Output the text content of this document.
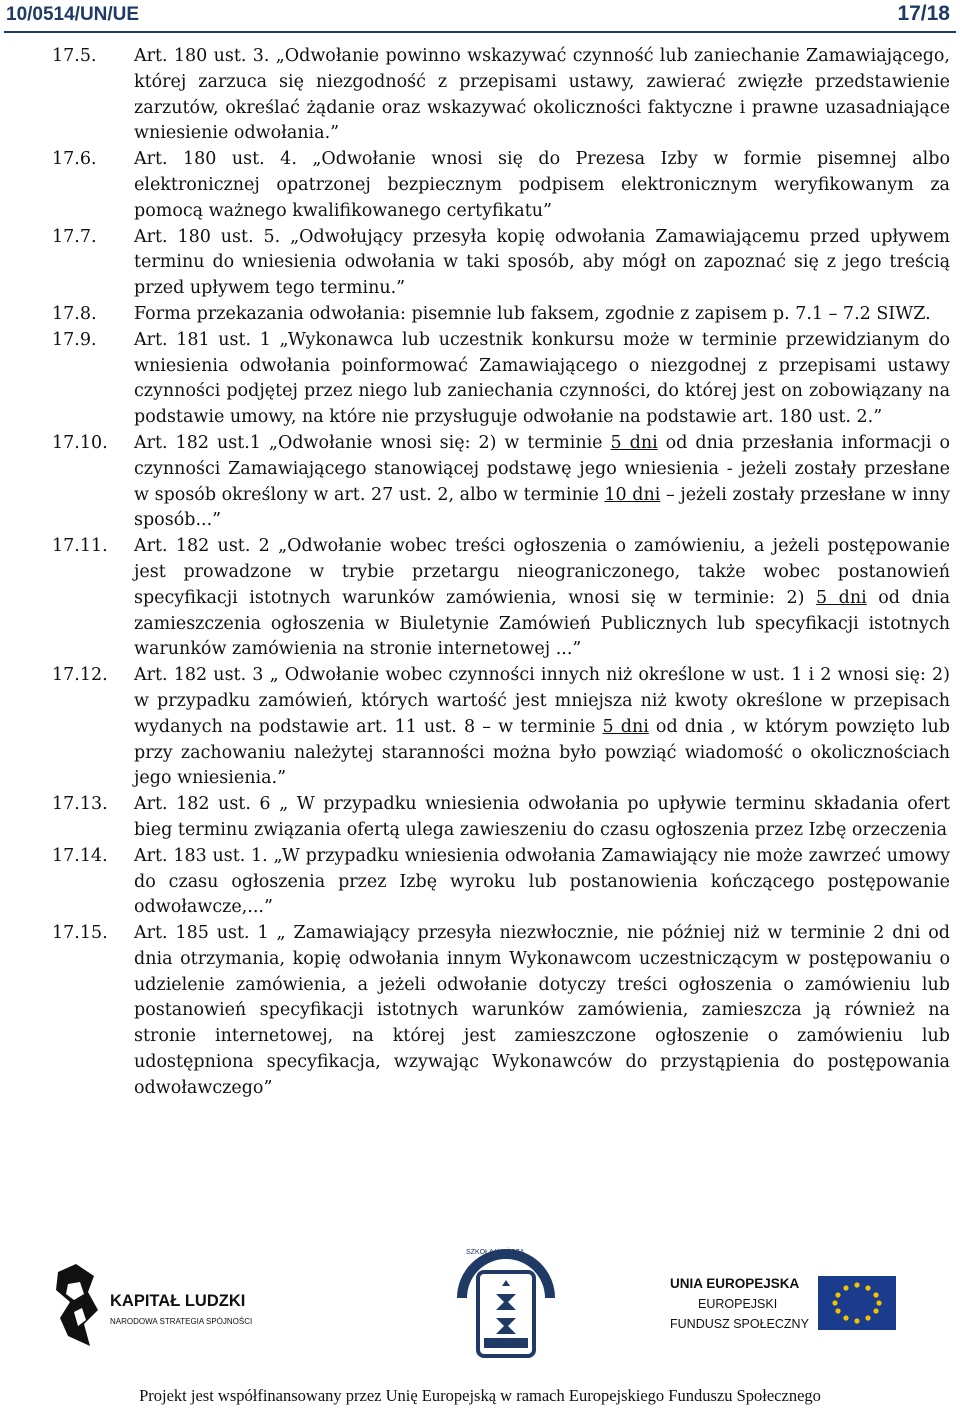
10/0514/UN/UE	17/18
17.5.	Art. 180 ust. 3. „Odwołanie powinno wskazywać czynność lub zaniechanie Zamawiającego, której zarzuca się niezgodność z przepisami ustawy, zawierać zwięzłe przedstawienie zarzutów, określać żądanie oraz wskazywać okoliczności faktyczne i prawne uzasadniające wniesienie odwołania.”
17.6.	Art. 180 ust. 4. „Odwołanie wnosi się do Prezesa Izby w formie pisemnej albo elektronicznej opatrzonej bezpiecznym podpisem elektronicznym weryfikowanym za pomocą ważnego kwalifikowanego certyfikatu”
17.7.	Art. 180 ust. 5. „Odwołujący przesyła kopię odwołania Zamawiającemu przed upływem terminu do wniesienia odwołania w taki sposób, aby mógł on zapoznać się z jego treścią przed upływem tego terminu.”
17.8.	Forma przekazania odwołania: pisemnie lub faksem, zgodnie z zapisem p. 7.1 – 7.2 SIWZ.
17.9.	Art. 181 ust. 1 „Wykonawca lub uczestnik konkursu może w terminie przewidzianym do wniesienia odwołania poinformować Zamawiającego o niezgodnej z przepisami ustawy czynności podjętej przez niego lub zaniechania czynności, do której jest on zobowiązany na podstawie umowy, na które nie przysługuje odwołanie na podstawie art. 180 ust. 2.”
17.10.	Art. 182 ust.1 „Odwołanie wnosi się: 2) w terminie 5 dni od dnia przesłania informacji o czynności Zamawiającego stanowiącej podstawę jego wniesienia - jeżeli zostały przesłane w sposób określony w art. 27 ust. 2, albo w terminie 10 dni – jeżeli zostały przesłane w inny sposób...”
17.11.	Art. 182 ust. 2 „Odwołanie wobec treści ogłoszenia o zamówieniu, a jeżeli postępowanie jest prowadzone w trybie przetargu nieograniczonego, także wobec postanowień specyfikacji istotnych warunków zamówienia, wnosi się w terminie: 2) 5 dni od dnia zamieszczenia ogłoszenia w Biuletynie Zamówień Publicznych lub specyfikacji istotnych warunków zamówienia na stronie internetowej ...”
17.12.	Art. 182 ust. 3 „ Odwołanie wobec czynności innych niż określone w ust. 1 i 2 wnosi się: 2) w przypadku zamówień, których wartość jest mniejsza niż kwoty określone w przepisach wydanych na podstawie art. 11 ust. 8 – w terminie 5 dni od dnia , w którym powzięto lub przy zachowaniu należytej staranności można było powziąć wiadomość o okolicznościach jego wniesienia.”
17.13.	Art. 182 ust. 6 „ W przypadku wniesienia odwołania po upływie terminu składania ofert bieg terminu związania ofertą ulega zawieszeniu do czasu ogłoszenia przez Izbę orzeczenia
17.14.	Art. 183 ust. 1. „W przypadku wniesienia odwołania Zamawiający nie może zawrzeć umowy do czasu ogłoszenia przez Izbę wyroku lub postanowienia kończącego postępowanie odwoławcze,...”
17.15.	Art. 185 ust. 1 „ Zamawiający przesyła niezwłocznie, nie później niż w terminie 2 dni od dnia otrzymania, kopię odwołania innym Wykonawcom uczestniczącym w postępowaniu o udzielenie zamówienia, a jeżeli odwołanie dotyczy treści ogłoszenia o zamówieniu lub postanowień specyfikacji istotnych warunków zamówienia, zamieszcza ją również na stronie internetowej, na której jest zamieszczone ogłoszenie o zamówieniu lub udostępniona specyfikacja, wzywając Wykonawców do przystąpienia do postępowania odwoławczego”
KAPITAŁ LUDZKI
NARODOWA STRATEGIA SPÓJNOŚCI
SZKOŁA WYŻSZA
UNIA EUROPEJSKA
EUROPEJSKI
FUNDUSZ SPOŁECZNY
Projekt jest współfinansowany przez Unię Europejską w ramach Europejskiego Funduszu Społecznego
